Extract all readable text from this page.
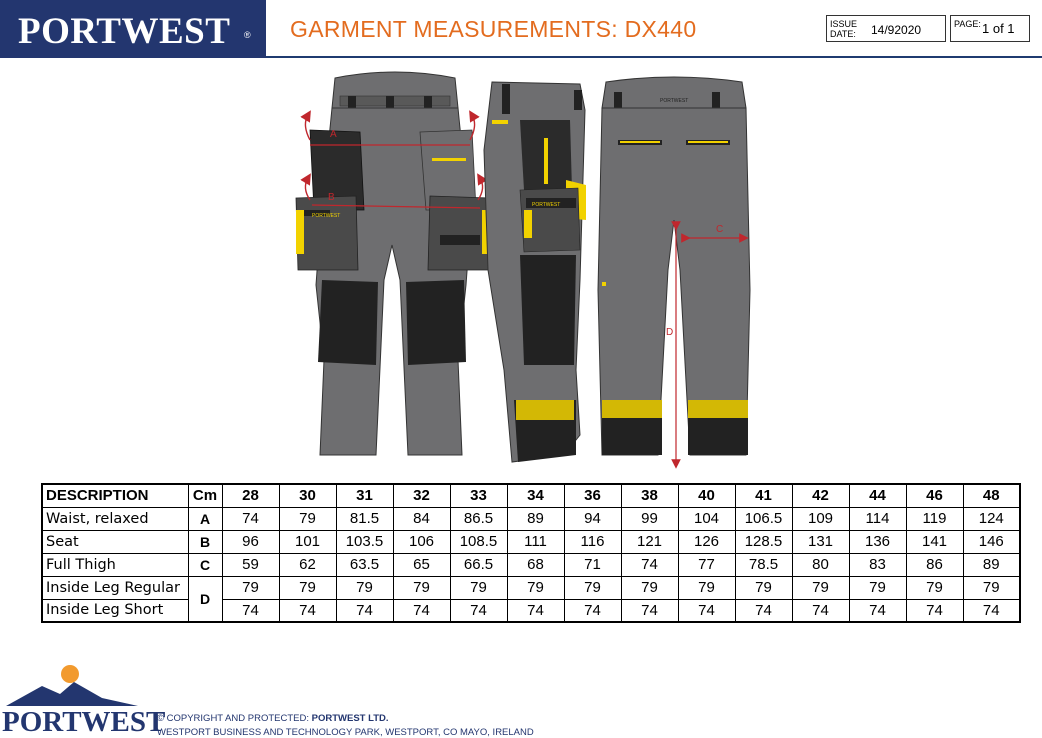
PORTWEST ® GARMENT MEASUREMENTS: DX440	ISSUE DATE:	14/92020	PAGE: 1 of 1
PORTWEST
A
B
PORTWEST
PORTWEST
C
D
DESCRIPTION	Cm	28	30	31	32	33	34	36	38	40	41	42	44	46	48
Waist, relaxed	A	74	79	81.5	84	86.5	89	94	99	104	106.5	109	114	119	124
Seat	B	96	101	103.5	106	108.5	111	116	121	126	128.5	131	136	141	146
Full Thigh	C	59	62	63.5	65	66.5	68	71	74	77	78.5	80	83	86	89
Inside Leg Regular	D	79	79	79	79	79	79	79	79	79	79	79	79	79	79
Inside Leg Short		74	74	74	74	74	74	74	74	74	74	74	74	74	74
PORTWEST
© COPYRIGHT AND PROTECTED: PORTWEST LTD.
WESTPORT BUSINESS AND TECHNOLOGY PARK, WESTPORT, CO MAYO, IRELAND
